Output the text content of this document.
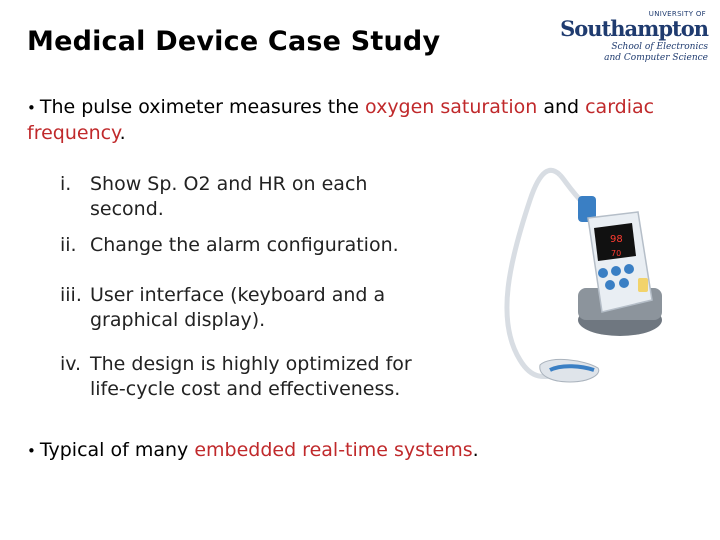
Medical Device Case Study
UNIVERSITY OF
Southampton
School of Electronics
and Computer Science

• The pulse oximeter measures the oxygen saturation and cardiac frequency.

i. Show Sp. O2 and HR on each
second.
ii. Change the alarm configuration.
iii. User interface (keyboard and a
graphical display).
iv. The design is highly optimized for
life-cycle cost and effectiveness.
98
70

• Typical of many embedded real-time systems.
